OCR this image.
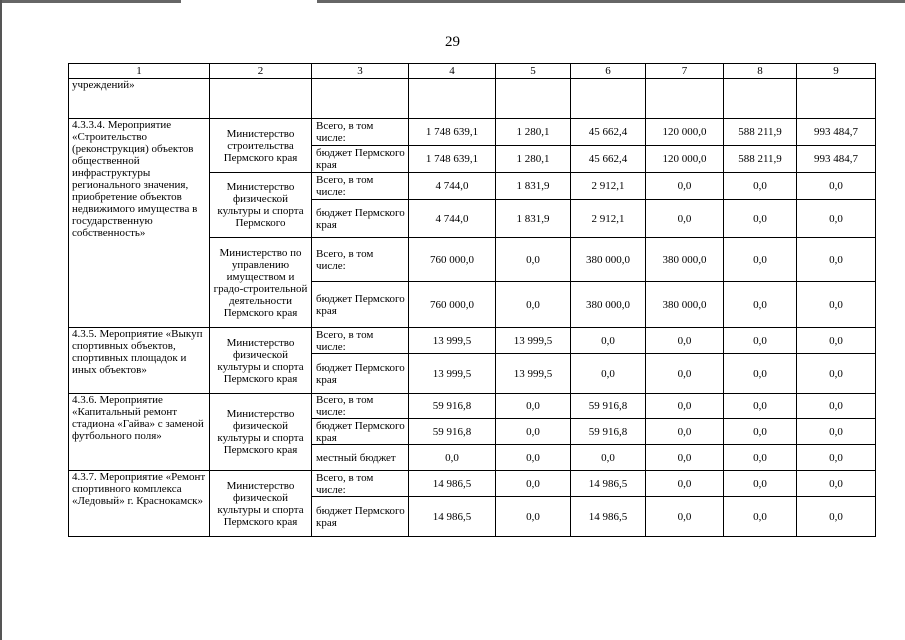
29
1	2	3	4	5	6	7	8	9
учреждений»								
4.3.3.4. Мероприятие «Строительство (реконструкция) объектов общественной инфраструктуры регионального значения, приобретение объектов недвижимого имущества в государственную собственность»	Министерство строительства Пермского края	Всего, в том числе:	1 748 639,1	1 280,1	45 662,4	120 000,0	588 211,9	993 484,7
		бюджет Пермского края	1 748 639,1	1 280,1	45 662,4	120 000,0	588 211,9	993 484,7
	Министерство физической культуры и спорта Пермского	Всего, в том числе:	4 744,0	1 831,9	2 912,1	0,0	0,0	0,0
		бюджет Пермского края	4 744,0	1 831,9	2 912,1	0,0	0,0	0,0
	Министерство по управлению имуществом и градо-строительной деятельности Пермского края	Всего, в том числе:	760 000,0	0,0	380 000,0	380 000,0	0,0	0,0
		бюджет Пермского края	760 000,0	0,0	380 000,0	380 000,0	0,0	0,0
4.3.5. Мероприятие «Выкуп спортивных объектов, спортивных площадок и иных объектов»	Министерство физической культуры и спорта Пермского края	Всего, в том числе:	13 999,5	13 999,5	0,0	0,0	0,0	0,0
		бюджет Пермского края	13 999,5	13 999,5	0,0	0,0	0,0	0,0
4.3.6. Мероприятие «Капитальный ремонт стадиона «Гайва» с заменой футбольного поля»	Министерство физической культуры и спорта Пермского края	Всего, в том числе:	59 916,8	0,0	59 916,8	0,0	0,0	0,0
		бюджет Пермского края	59 916,8	0,0	59 916,8	0,0	0,0	0,0
		местный бюджет	0,0	0,0	0,0	0,0	0,0	0,0
4.3.7. Мероприятие «Ремонт спортивного комплекса «Ледовый» г. Краснокамск»	Министерство физической культуры и спорта Пермского края	Всего, в том числе:	14 986,5	0,0	14 986,5	0,0	0,0	0,0
		бюджет Пермского края	14 986,5	0,0	14 986,5	0,0	0,0	0,0
